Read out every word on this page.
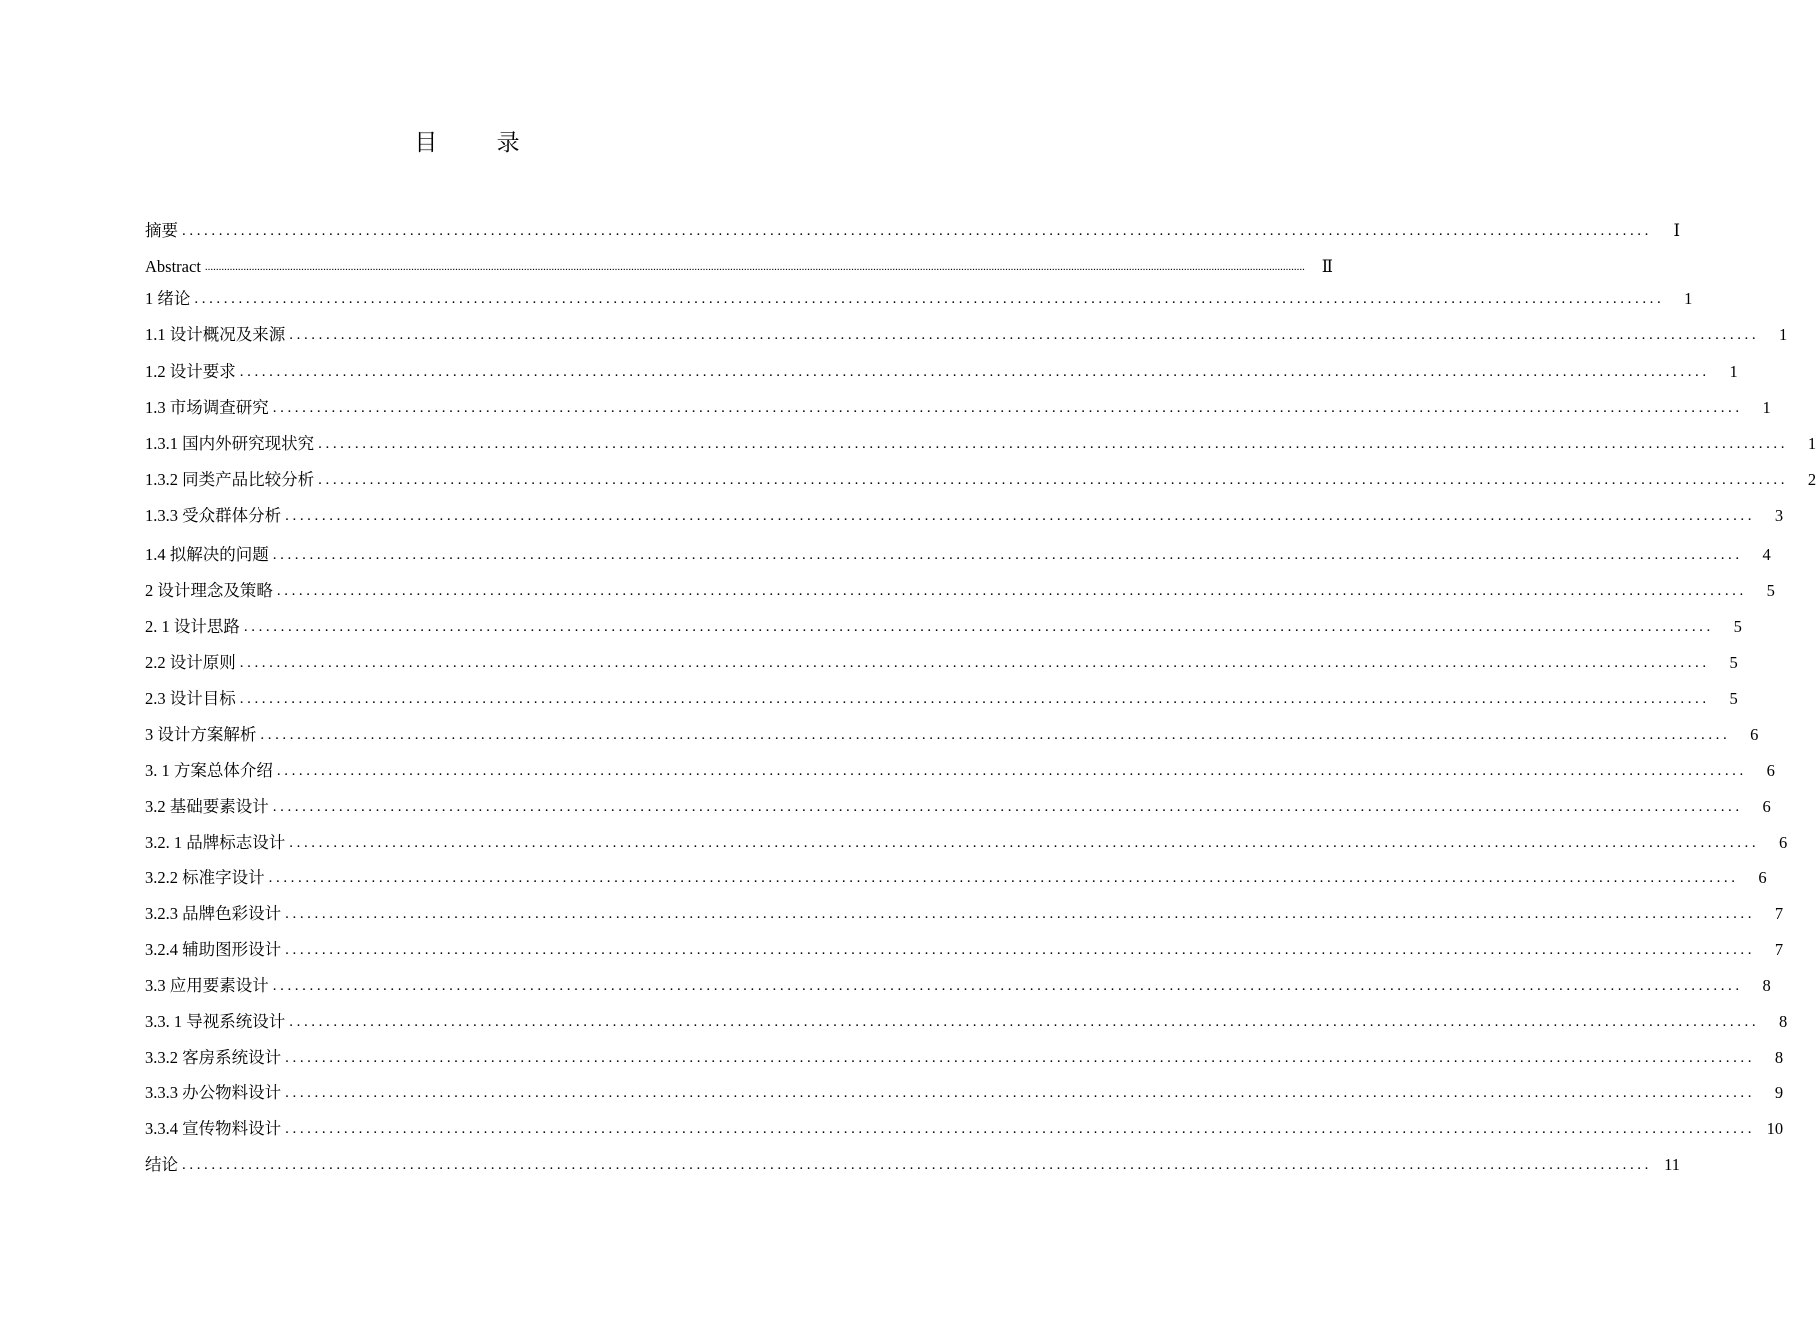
目 录
摘要 ........................................................................................................................................................................................................	Ⅰ
Abstract ................................................................................................................................................................................................................................................................................................................................................................................................................	Ⅱ
1 绪论 ........................................................................................................................................................................................................	1
1.1 设计概况及来源 ........................................................................................................................................................................................................	1
1.2 设计要求 ........................................................................................................................................................................................................	1
1.3 市场调查研究 ........................................................................................................................................................................................................	1
1.3.1 国内外研究现状究 ........................................................................................................................................................................................................	1
1.3.2 同类产品比较分析 ........................................................................................................................................................................................................	2
1.3.3 受众群体分析 ........................................................................................................................................................................................................	3
1.4 拟解决的问题 ........................................................................................................................................................................................................	4
2 设计理念及策略 ........................................................................................................................................................................................................	5
2. 1 设计思路 ........................................................................................................................................................................................................	5
2.2 设计原则 ........................................................................................................................................................................................................	5
2.3 设计目标 ........................................................................................................................................................................................................	5
3 设计方案解析 ........................................................................................................................................................................................................	6
3. 1 方案总体介绍 ........................................................................................................................................................................................................	6
3.2 基础要素设计 ........................................................................................................................................................................................................	6
3.2. 1 品牌标志设计 ........................................................................................................................................................................................................	6
3.2.2 标准字设计 ........................................................................................................................................................................................................	6
3.2.3 品牌色彩设计 ........................................................................................................................................................................................................	7
3.2.4 辅助图形设计 ........................................................................................................................................................................................................	7
3.3 应用要素设计 ........................................................................................................................................................................................................	8
3.3. 1 导视系统设计 ........................................................................................................................................................................................................	8
3.3.2 客房系统设计 ........................................................................................................................................................................................................	8
3.3.3 办公物料设计 ........................................................................................................................................................................................................	9
3.3.4 宣传物料设计 ........................................................................................................................................................................................................ 10
结论 ........................................................................................................................................................................................................ 11
